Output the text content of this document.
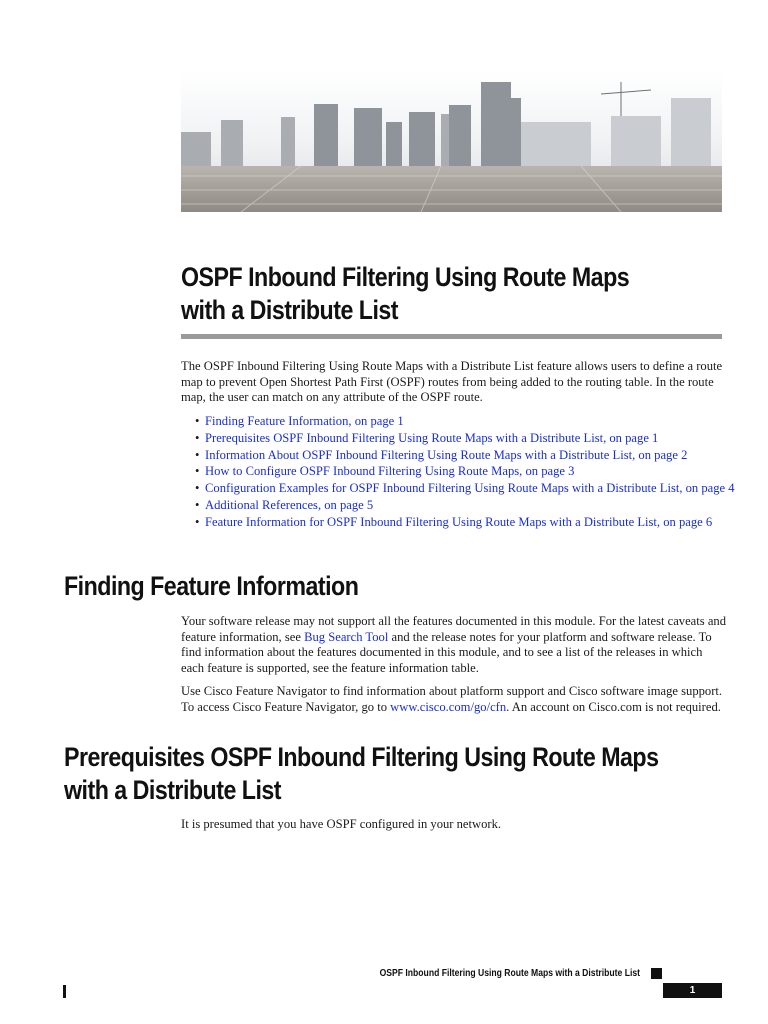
OSPF Inbound Filtering Using Route Maps with a Distribute List

The OSPF Inbound Filtering Using Route Maps with a Distribute List feature allows users to define a route map to prevent Open Shortest Path First (OSPF) routes from being added to the routing table. In the route map, the user can match on any attribute of the OSPF route.

• Finding Feature Information, on page 1
• Prerequisites OSPF Inbound Filtering Using Route Maps with a Distribute List, on page 1
• Information About OSPF Inbound Filtering Using Route Maps with a Distribute List, on page 2
• How to Configure OSPF Inbound Filtering Using Route Maps, on page 3
• Configuration Examples for OSPF Inbound Filtering Using Route Maps with a Distribute List, on page 4
• Additional References, on page 5
• Feature Information for OSPF Inbound Filtering Using Route Maps with a Distribute List, on page 6
Finding Feature Information

Your software release may not support all the features documented in this module. For the latest caveats and feature information, see Bug Search Tool and the release notes for your platform and software release. To find information about the features documented in this module, and to see a list of the releases in which each feature is supported, see the feature information table.

Use Cisco Feature Navigator to find information about platform support and Cisco software image support. To access Cisco Feature Navigator, go to www.cisco.com/go/cfn. An account on Cisco.com is not required.

Prerequisites OSPF Inbound Filtering Using Route Maps with a Distribute List

It is presumed that you have OSPF configured in your network.

OSPF Inbound Filtering Using Route Maps with a Distribute List
1
